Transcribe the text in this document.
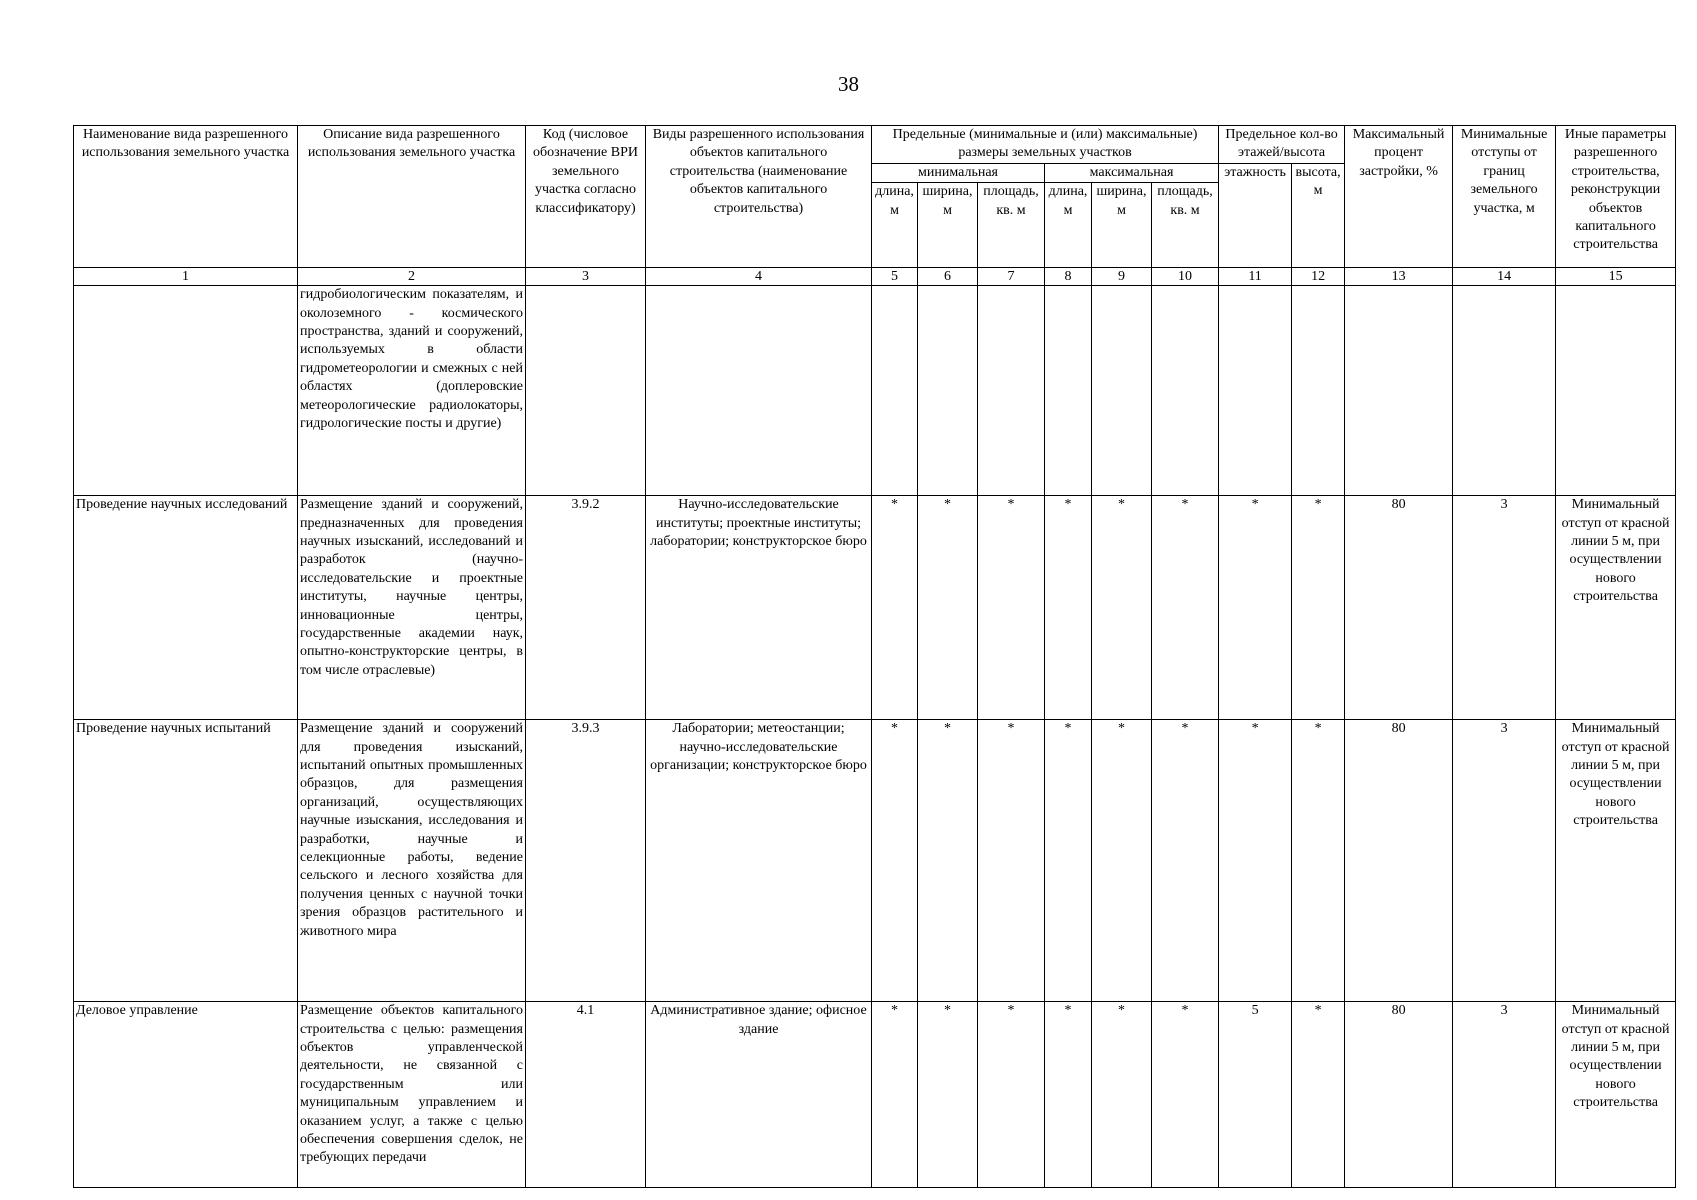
38
Наименование вида разрешенного использования земельного участка	Описание вида разрешенного использования земельного участка	Код (числовое обозначение ВРИ земельного участка согласно классификатору)	Виды разрешенного использования объектов капитального строительства (наименование объектов капитального строительства)	Предельные (минимальные и (или) максимальные) размеры земельных участков						Предельное кол-во этажей/высота		Максимальный процент застройки, %	Минимальные отступы от границ земельного участка, м	Иные параметры разрешенного строительства, реконструкции объектов капитального строительства
				минимальная			максимальная			этажность	высота, м			
				длина, м	ширина, м	площадь, кв. м	длина, м	ширина, м	площадь, кв. м					
1	2	3	4	5	6	7	8	9	10	11	12	13	14	15
	гидробиологическим показателям, и околоземного - космического пространства, зданий и сооружений, используемых в области гидрометеорологии и смежных с ней областях (доплеровские метеорологические радиолокаторы, гидрологические посты и другие)													
Проведение научных исследований	Размещение зданий и сооружений, предназначенных для проведения научных изысканий, исследований и разработок (научно-исследовательские и проектные институты, научные центры, инновационные центры, государственные академии наук, опытно-конструкторские центры, в том числе отраслевые)	3.9.2	Научно-исследовательские институты; проектные институты; лаборатории; конструкторское бюро	*	*	*	*	*	*	*	*	80	3	Минимальный отступ от красной линии 5 м, при осуществлении нового строительства
Проведение научных испытаний	Размещение зданий и сооружений для проведения изысканий, испытаний опытных промышленных образцов, для размещения организаций, осуществляющих научные изыскания, исследования и разработки, научные и селекционные работы, ведение сельского и лесного хозяйства для получения ценных с научной точки зрения образцов растительного и животного мира	3.9.3	Лаборатории; метеостанции; научно-исследовательские организации; конструкторское бюро	*	*	*	*	*	*	*	*	80	3	Минимальный отступ от красной линии 5 м, при осуществлении нового строительства
Деловое управление	Размещение объектов капитального строительства с целью: размещения объектов управленческой деятельности, не связанной с государственным или муниципальным управлением и оказанием услуг, а также с целью обеспечения совершения сделок, не требующих передачи	4.1	Административное здание; офисное здание	*	*	*	*	*	*	5	*	80	3	Минимальный отступ от красной линии 5 м, при осуществлении нового строительства
